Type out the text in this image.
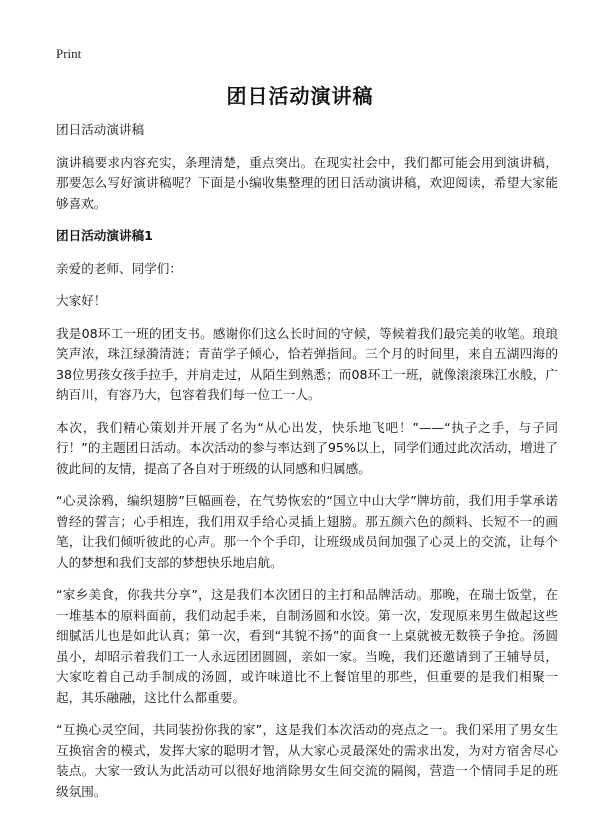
Print
团日活动演讲稿

团日活动演讲稿

演讲稿要求内容充实，条理清楚，重点突出。在现实社会中，我们都可能会用到演讲稿，那要怎么写好演讲稿呢？下面是小编收集整理的团日活动演讲稿，欢迎阅读，希望大家能够喜欢。

团日活动演讲稿1

亲爱的老师、同学们：

大家好！

我是08环工一班的团支书。感谢你们这么长时间的守候，等候着我们最完美的收笔。琅琅笑声浓，珠江绿漪清涟；青苗学子倾心，恰若弹指间。三个月的时间里，来自五湖四海的38位男孩女孩手拉手，并肩走过，从陌生到熟悉；而08环工一班，就像滚滚珠江水般，广纳百川，有容乃大，包容着我们每一位工一人。

本次，我们精心策划并开展了名为“从心出发，快乐地飞吧！”——“执子之手，与子同行！”的主题团日活动。本次活动的参与率达到了95%以上，同学们通过此次活动，增进了彼此间的友情，提高了各自对于班级的认同感和归属感。

“心灵涂鸦，编织翅膀”巨幅画卷，在气势恢宏的“国立中山大学”牌坊前，我们用手掌承诺曾经的誓言；心手相连，我们用双手给心灵插上翅膀。那五颜六色的颜料、长短不一的画笔，让我们倾听彼此的心声。那一个个手印，让班级成员间加强了心灵上的交流，让每个人的梦想和我们支部的梦想快乐地启航。

“家乡美食，你我共分享”，这是我们本次团日的主打和品牌活动。那晚，在瑞士饭堂，在一堆基本的原料面前，我们动起手来，自制汤圆和水饺。第一次，发现原来男生做起这些细腻活儿也是如此认真；第一次，看到“其貌不扬”的面食一上桌就被无数筷子争抢。汤圆虽小，却昭示着我们工一人永远团团圆圆，亲如一家。当晚，我们还邀请到了王辅导员，大家吃着自己动手制成的汤圆，或许味道比不上餐馆里的那些，但重要的是我们相聚一起，其乐融融，这比什么都重要。

“互换心灵空间，共同装扮你我的家”，这是我们本次活动的亮点之一。我们采用了男女生互换宿舍的模式，发挥大家的聪明才智，从大家心灵最深处的需求出发，为对方宿舍尽心装点。大家一致认为此活动可以很好地消除男女生间交流的隔阂，营造一个情同手足的班级氛围。
